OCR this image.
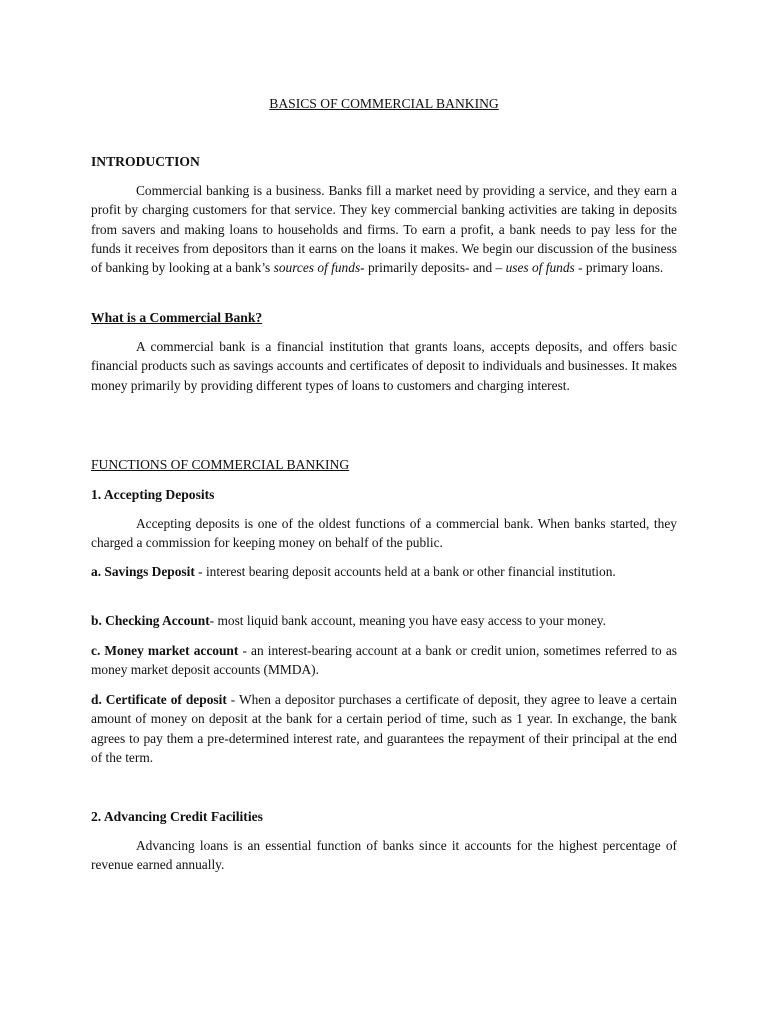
BASICS OF COMMERCIAL BANKING
INTRODUCTION

Commercial banking is a business. Banks fill a market need by providing a service, and they earn a profit by charging customers for that service. They key commercial banking activities are taking in deposits from savers and making loans to households and firms. To earn a profit, a bank needs to pay less for the funds it receives from depositors than it earns on the loans it makes. We begin our discussion of the business of banking by looking at a bank’s sources of funds- primarily deposits- and – uses of funds - primary loans.

What is a Commercial Bank?

A commercial bank is a financial institution that grants loans, accepts deposits, and offers basic financial products such as savings accounts and certificates of deposit to individuals and businesses. It makes money primarily by providing different types of loans to customers and charging interest.

FUNCTIONS OF COMMERCIAL BANKING
1. Accepting Deposits

Accepting deposits is one of the oldest functions of a commercial bank. When banks started, they charged a commission for keeping money on behalf of the public.

a. Savings Deposit - interest bearing deposit accounts held at a bank or other financial institution.

b. Checking Account- most liquid bank account, meaning you have easy access to your money.

c. Money market account - an interest-bearing account at a bank or credit union, sometimes referred to as money market deposit accounts (MMDA).

d. Certificate of deposit - When a depositor purchases a certificate of deposit, they agree to leave a certain amount of money on deposit at the bank for a certain period of time, such as 1 year. In exchange, the bank agrees to pay them a pre-determined interest rate, and guarantees the repayment of their principal at the end of the term.

2. Advancing Credit Facilities

Advancing loans is an essential function of banks since it accounts for the highest percentage of revenue earned annually.
